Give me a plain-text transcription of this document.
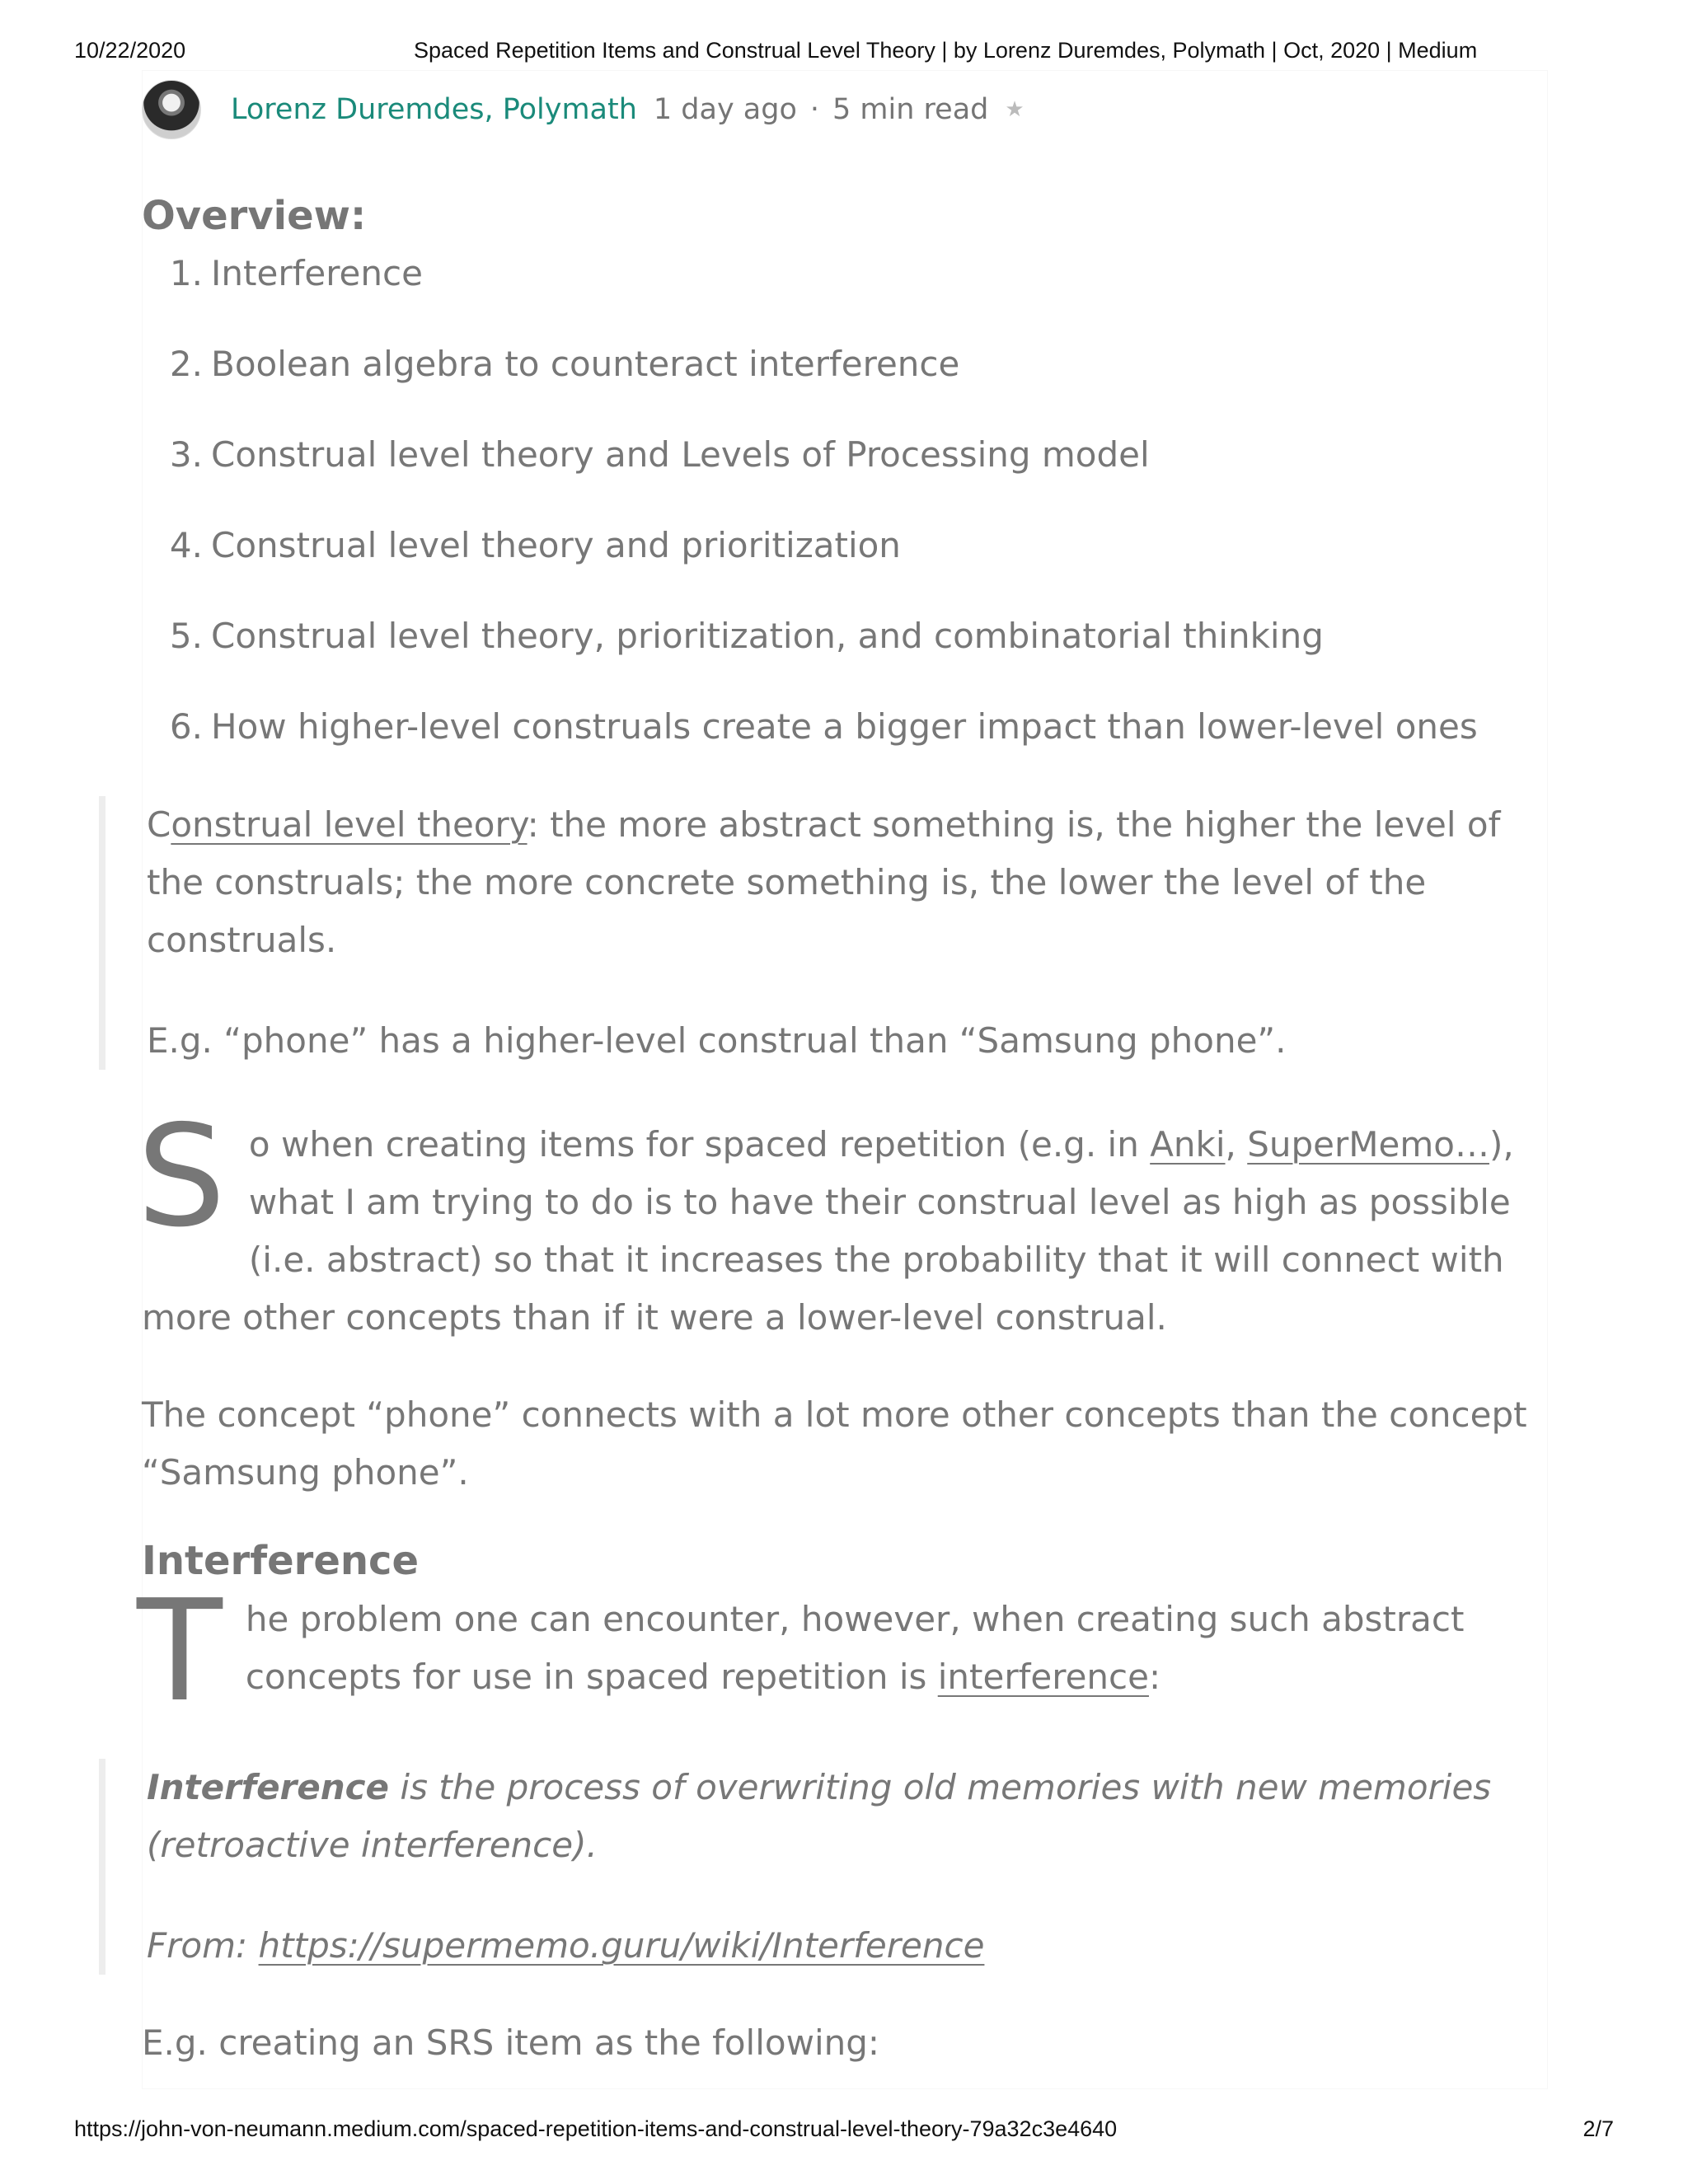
10/22/2020	Spaced Repetition Items and Construal Level Theory | by Lorenz Duremdes, Polymath | Oct, 2020 | Medium
Lorenz Duremdes, Polymath 1 day ago · 5 min read ★
Overview:
1. Interference
2. Boolean algebra to counteract interference
3. Construal level theory and Levels of Processing model
4. Construal level theory and prioritization
5. Construal level theory, prioritization, and combinatorial thinking
6. How higher-level construals create a bigger impact than lower-level ones

Construal level theory: the more abstract something is, the higher the level of the construals; the more concrete something is, the lower the level of the construals.

E.g. “phone” has a higher-level construal than “Samsung phone”.

So when creating items for spaced repetition (e.g. in Anki, SuperMemo…), what I am trying to do is to have their construal level as high as possible (i.e. abstract) so that it increases the probability that it will connect with more other concepts than if it were a lower-level construal.

The concept “phone” connects with a lot more other concepts than the concept “Samsung phone”.

Interference

The problem one can encounter, however, when creating such abstract concepts for use in spaced repetition is interference:

Interference is the process of overwriting old memories with new memories (retroactive interference).

From: https://supermemo.guru/wiki/Interference

E.g. creating an SRS item as the following:

https://john-von-neumann.medium.com/spaced-repetition-items-and-construal-level-theory-79a32c3e4640	2/7
